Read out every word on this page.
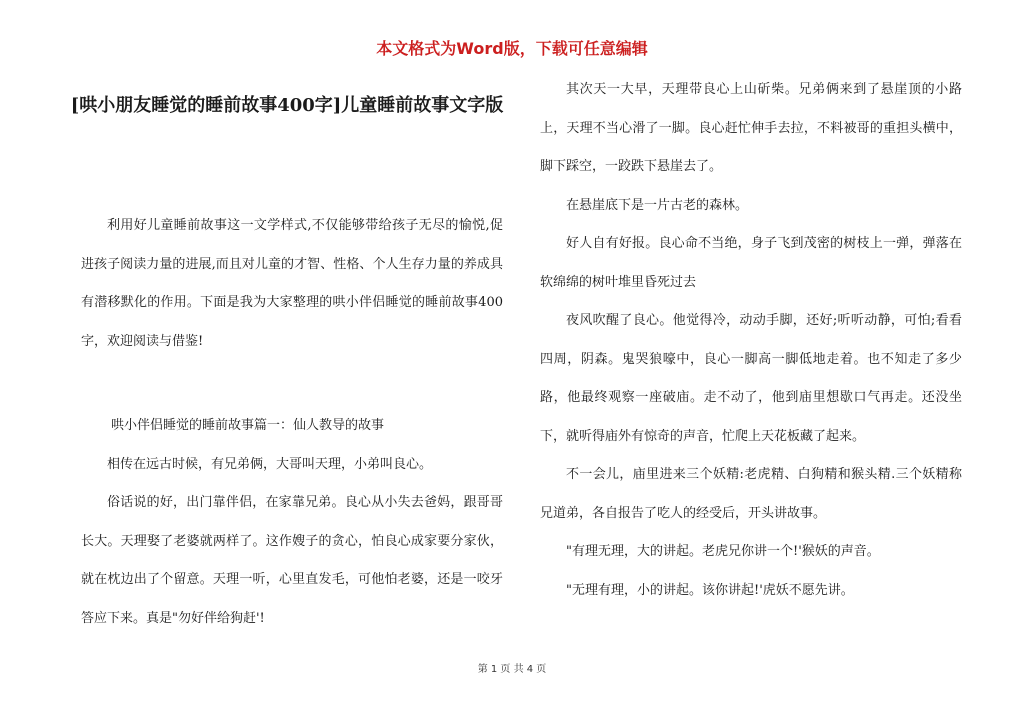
本文格式为Word版，下载可任意编辑
[哄小朋友睡觉的睡前故事400字]儿童睡前故事文字版

利用好儿童睡前故事这一文学样式,不仅能够带给孩子无尽的愉悦,促进孩子阅读力量的进展,而且对儿童的才智、性格、个人生存力量的养成具有潜移默化的作用。下面是我为大家整理的哄小伴侣睡觉的睡前故事400字，欢迎阅读与借鉴!

哄小伴侣睡觉的睡前故事篇一：仙人教导的故事

相传在远古时候，有兄弟俩，大哥叫天理，小弟叫良心。

俗话说的好，出门靠伴侣，在家靠兄弟。良心从小失去爸妈，跟哥哥长大。天理娶了老婆就两样了。这作嫂子的贪心，怕良心成家要分家伙，就在枕边出了个留意。天理一听，心里直发毛，可他怕老婆，还是一咬牙答应下来。真是"勿好伴给狗赶'!

其次天一大早，天理带良心上山斫柴。兄弟俩来到了悬崖顶的小路上，天理不当心滑了一脚。良心赶忙伸手去拉，不料被哥的重担头横中，脚下踩空，一跤跌下悬崖去了。

在悬崖底下是一片古老的森林。

好人自有好报。良心命不当绝，身子飞到茂密的树枝上一弹，弹落在软绵绵的树叶堆里昏死过去

夜风吹醒了良心。他觉得冷，动动手脚，还好;听听动静，可怕;看看四周，阴森。鬼哭狼嚎中，良心一脚高一脚低地走着。也不知走了多少路，他最终观察一座破庙。走不动了，他到庙里想歇口气再走。还没坐下，就听得庙外有惊奇的声音，忙爬上天花板藏了起来。

不一会儿，庙里进来三个妖精:老虎精、白狗精和猴头精.三个妖精称兄道弟，各自报告了吃人的经受后，开头讲故事。

"有理无理，大的讲起。老虎兄你讲一个!'猴妖的声音。

"无理有理，小的讲起。该你讲起!'虎妖不愿先讲。

第 1 页 共 4 页
